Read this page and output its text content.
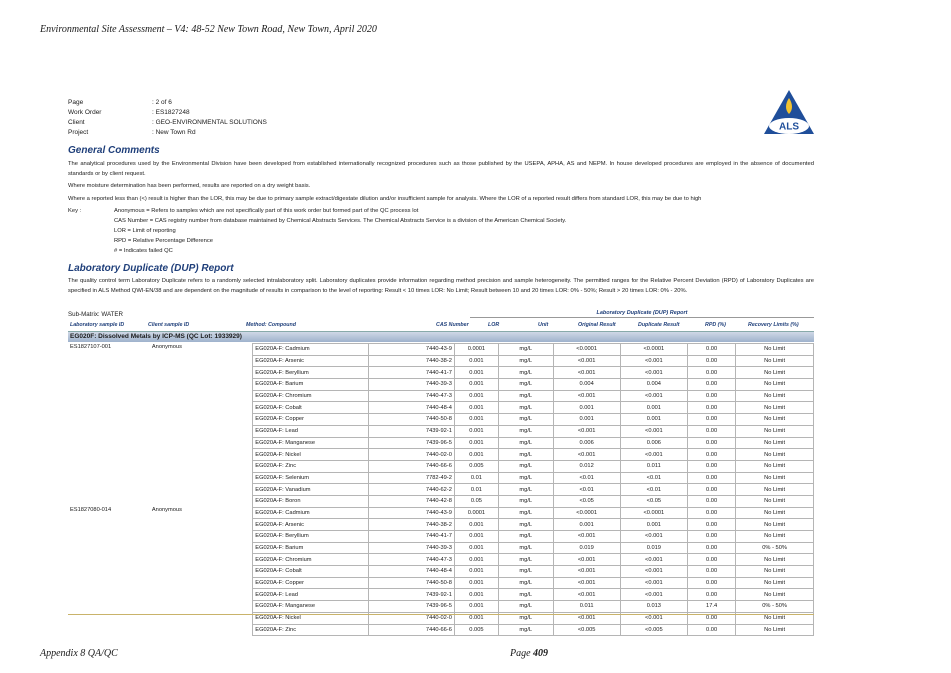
Environmental Site Assessment – V4: 48-52 New Town Road, New Town, April 2020
Page	: 2 of 6
Work Order	: ES1827248
Client	: GEO-ENVIRONMENTAL SOLUTIONS
Project	: New Town Rd	ALS
General Comments
The analytical procedures used by the Environmental Division have been developed from established internationally recognized procedures such as those published by the USEPA, APHA, AS and NEPM. In house developed procedures are employed in the absence of documented standards or by client request.
Where moisture determination has been performed, results are reported on a dry weight basis.
Where a reported less than (<) result is higher than the LOR, this may be due to primary sample extract/digestate dilution and/or insufficient sample for analysis. Where the LOR of a reported result differs from standard LOR, this may be due to high
Key :	Anonymous = Refers to samples which are not specifically part of this work order but formed part of the QC process lot
CAS Number = CAS registry number from database maintained by Chemical Abstracts Services. The Chemical Abstracts Service is a division of the American Chemical Society.
LOR = Limit of reporting
RPD = Relative Percentage Difference
# = Indicates failed QC
Laboratory Duplicate (DUP) Report
The quality control term Laboratory Duplicate refers to a randomly selected intralaboratory split. Laboratory duplicates provide information regarding method precision and sample heterogeneity. The permitted ranges for the Relative Percent Deviation (RPD) of Laboratory Duplicates are specified in ALS Method QWI-EN/38 and are dependent on the magnitude of results in comparison to the level of reporting: Result < 10 times LOR: No Limit; Result between 10 and 20 times LOR: 0% - 50%; Result > 20 times LOR: 0% - 20%.
Sub-Matrix: WATER	Laboratory Duplicate (DUP) Report
Laboratory sample ID	Client sample ID	Method: Compound	CAS Number	LOR	Unit	Original Result	Duplicate Result	RPD (%)	Recovery Limits (%)
EG020F: Dissolved Metals by ICP-MS (QC Lot: 1933929)
ES1827107-001	Anonymous	EG020A-F: Cadmium	7440-43-9	0.0001	mg/L	<0.0001	<0.0001	0.00	No Limit
		EG020A-F: Arsenic	7440-38-2	0.001	mg/L	<0.001	<0.001	0.00	No Limit
		EG020A-F: Beryllium	7440-41-7	0.001	mg/L	<0.001	<0.001	0.00	No Limit
		EG020A-F: Barium	7440-39-3	0.001	mg/L	0.004	0.004	0.00	No Limit
		EG020A-F: Chromium	7440-47-3	0.001	mg/L	<0.001	<0.001	0.00	No Limit
		EG020A-F: Cobalt	7440-48-4	0.001	mg/L	0.001	0.001	0.00	No Limit
		EG020A-F: Copper	7440-50-8	0.001	mg/L	0.001	0.001	0.00	No Limit
		EG020A-F: Lead	7439-92-1	0.001	mg/L	<0.001	<0.001	0.00	No Limit
		EG020A-F: Manganese	7439-96-5	0.001	mg/L	0.006	0.006	0.00	No Limit
		EG020A-F: Nickel	7440-02-0	0.001	mg/L	<0.001	<0.001	0.00	No Limit
		EG020A-F: Zinc	7440-66-6	0.005	mg/L	0.012	0.011	0.00	No Limit
		EG020A-F: Selenium	7782-49-2	0.01	mg/L	<0.01	<0.01	0.00	No Limit
		EG020A-F: Vanadium	7440-62-2	0.01	mg/L	<0.01	<0.01	0.00	No Limit
		EG020A-F: Boron	7440-42-8	0.05	mg/L	<0.05	<0.05	0.00	No Limit
ES1827080-014	Anonymous	EG020A-F: Cadmium	7440-43-9	0.0001	mg/L	<0.0001	<0.0001	0.00	No Limit
		EG020A-F: Arsenic	7440-38-2	0.001	mg/L	0.001	0.001	0.00	No Limit
		EG020A-F: Beryllium	7440-41-7	0.001	mg/L	<0.001	<0.001	0.00	No Limit
		EG020A-F: Barium	7440-39-3	0.001	mg/L	0.019	0.019	0.00	0% - 50%
		EG020A-F: Chromium	7440-47-3	0.001	mg/L	<0.001	<0.001	0.00	No Limit
		EG020A-F: Cobalt	7440-48-4	0.001	mg/L	<0.001	<0.001	0.00	No Limit
		EG020A-F: Copper	7440-50-8	0.001	mg/L	<0.001	<0.001	0.00	No Limit
		EG020A-F: Lead	7439-92-1	0.001	mg/L	<0.001	<0.001	0.00	No Limit
		EG020A-F: Manganese	7439-96-5	0.001	mg/L	0.011	0.013	17.4	0% - 50%
		EG020A-F: Nickel	7440-02-0	0.001	mg/L	<0.001	<0.001	0.00	No Limit
		EG020A-F: Zinc	7440-66-6	0.005	mg/L	<0.005	<0.005	0.00	No Limit
Appendix 8 QA/QC	Page 409
